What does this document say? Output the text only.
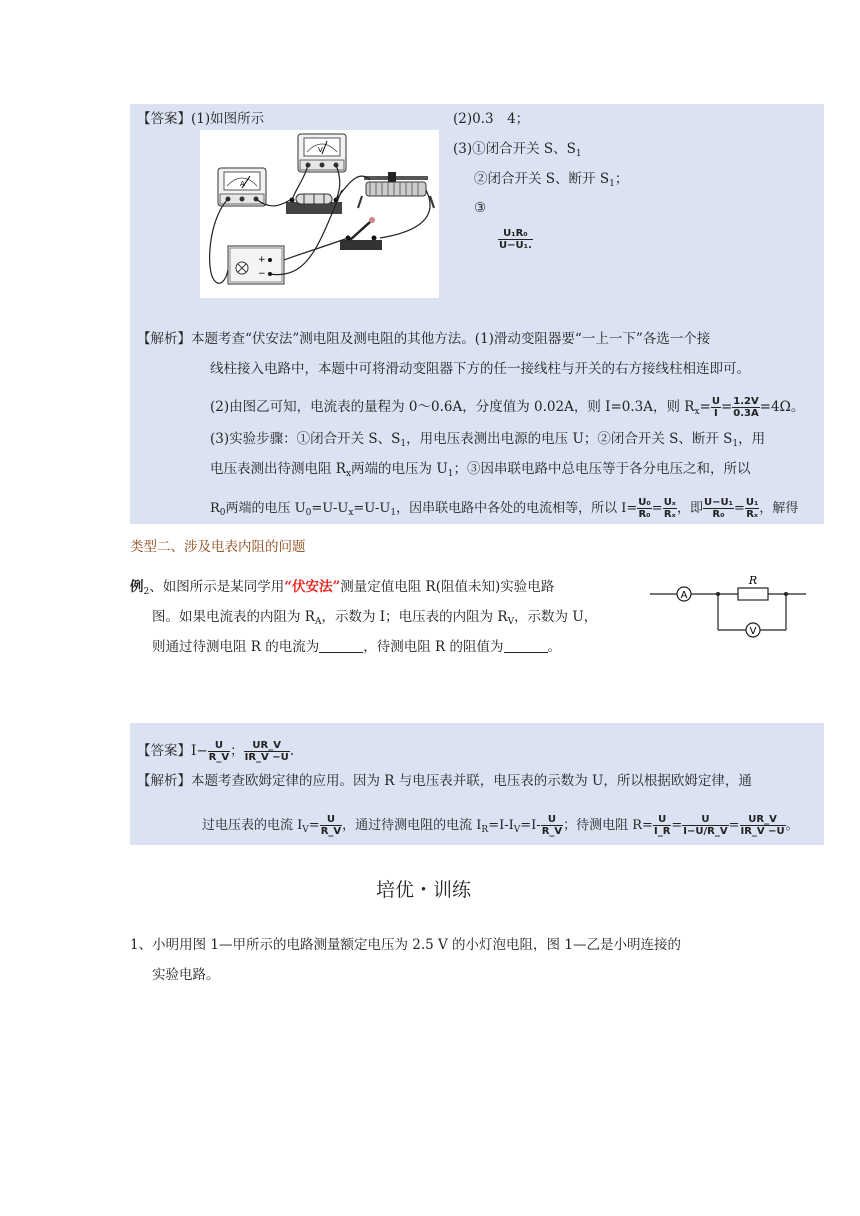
【答案】(1)如图所示
A
V
+
−
(2)0.3　4；
(3)①闭合开关 S、$S_1$
②闭合开关 S、断开 $S_1$；
③
$\frac{\text{U₁R₀}}{\text{U−U₁.}}$
【解析】本题考查“伏安法”测电阻及测电阻的其他方法。(1)滑动变阻器要“一上一下”各选一个接
线柱接入电路中，本题中可将滑动变阻器下方的任一接线柱与开关的右方接线柱相连即可。
(2)由图乙可知，电流表的量程为 0～0.6A，分度值为 0.02A，则 I=0.3A，则 $R_x= \frac{U}{I} = \frac{1.2V}{0.3A} =4\Omega$。
(3)实验步骤：①闭合开关 S、$S_1$，用电压表测出电源的电压 U；②闭合开关 S、断开 $S_1$，用
电压表测出待测电阻 $R_x$两端的电压为 $U_1$；③因串联电路中总电压等于各分电压之和，所以
$R_0$两端的电压 $U_0=U-U_x=U-U_1$，因串联电路中各处的电流相等，所以 $I= \frac{\text{U₀}}{\text{R₀}} = \frac{\text{Uₓ}}{\text{Rₓ}}$ ，即 $\frac{\text{U−U₁}}{\text{R₀}} = \frac{\text{U₁}}{\text{Rₓ}}$ ，解得
类型二、涉及电表内阻的问题
例$_2$、如图所示是某同学用“伏安法”测量定值电阻 R(阻值未知)实验电路
图。如果电流表的内阻为 $R_A$，示数为 I；电压表的内阻为 $R_V$，示数为 U，
则通过待测电阻 R 的电流为	，待测电阻 R 的阻值为	。
A
V
R
【答案】$I- \frac{U}{R\_V}$ ； $\frac{UR\_V}{IR\_V -U}$ .
【解析】本题考查欧姆定律的应用。因为 R 与电压表并联，电压表的示数为 U，所以根据欧姆定律，通
过电压表的电流 $I_V= \frac{U}{R\_V}$ ，通过待测电阻的电流 $I_R=I-I_V=I- \frac{U}{R\_V}$ ；待测电阻 $R= \frac{U}{I\_R} = \frac{U}{I-U/R\_V} = \frac{UR\_V}{IR\_V -U}$ 。
培优・训练
1、小明用图 1—甲所示的电路测量额定电压为 2.5 V 的小灯泡电阻，图 1—乙是小明连接的
实验电路。
